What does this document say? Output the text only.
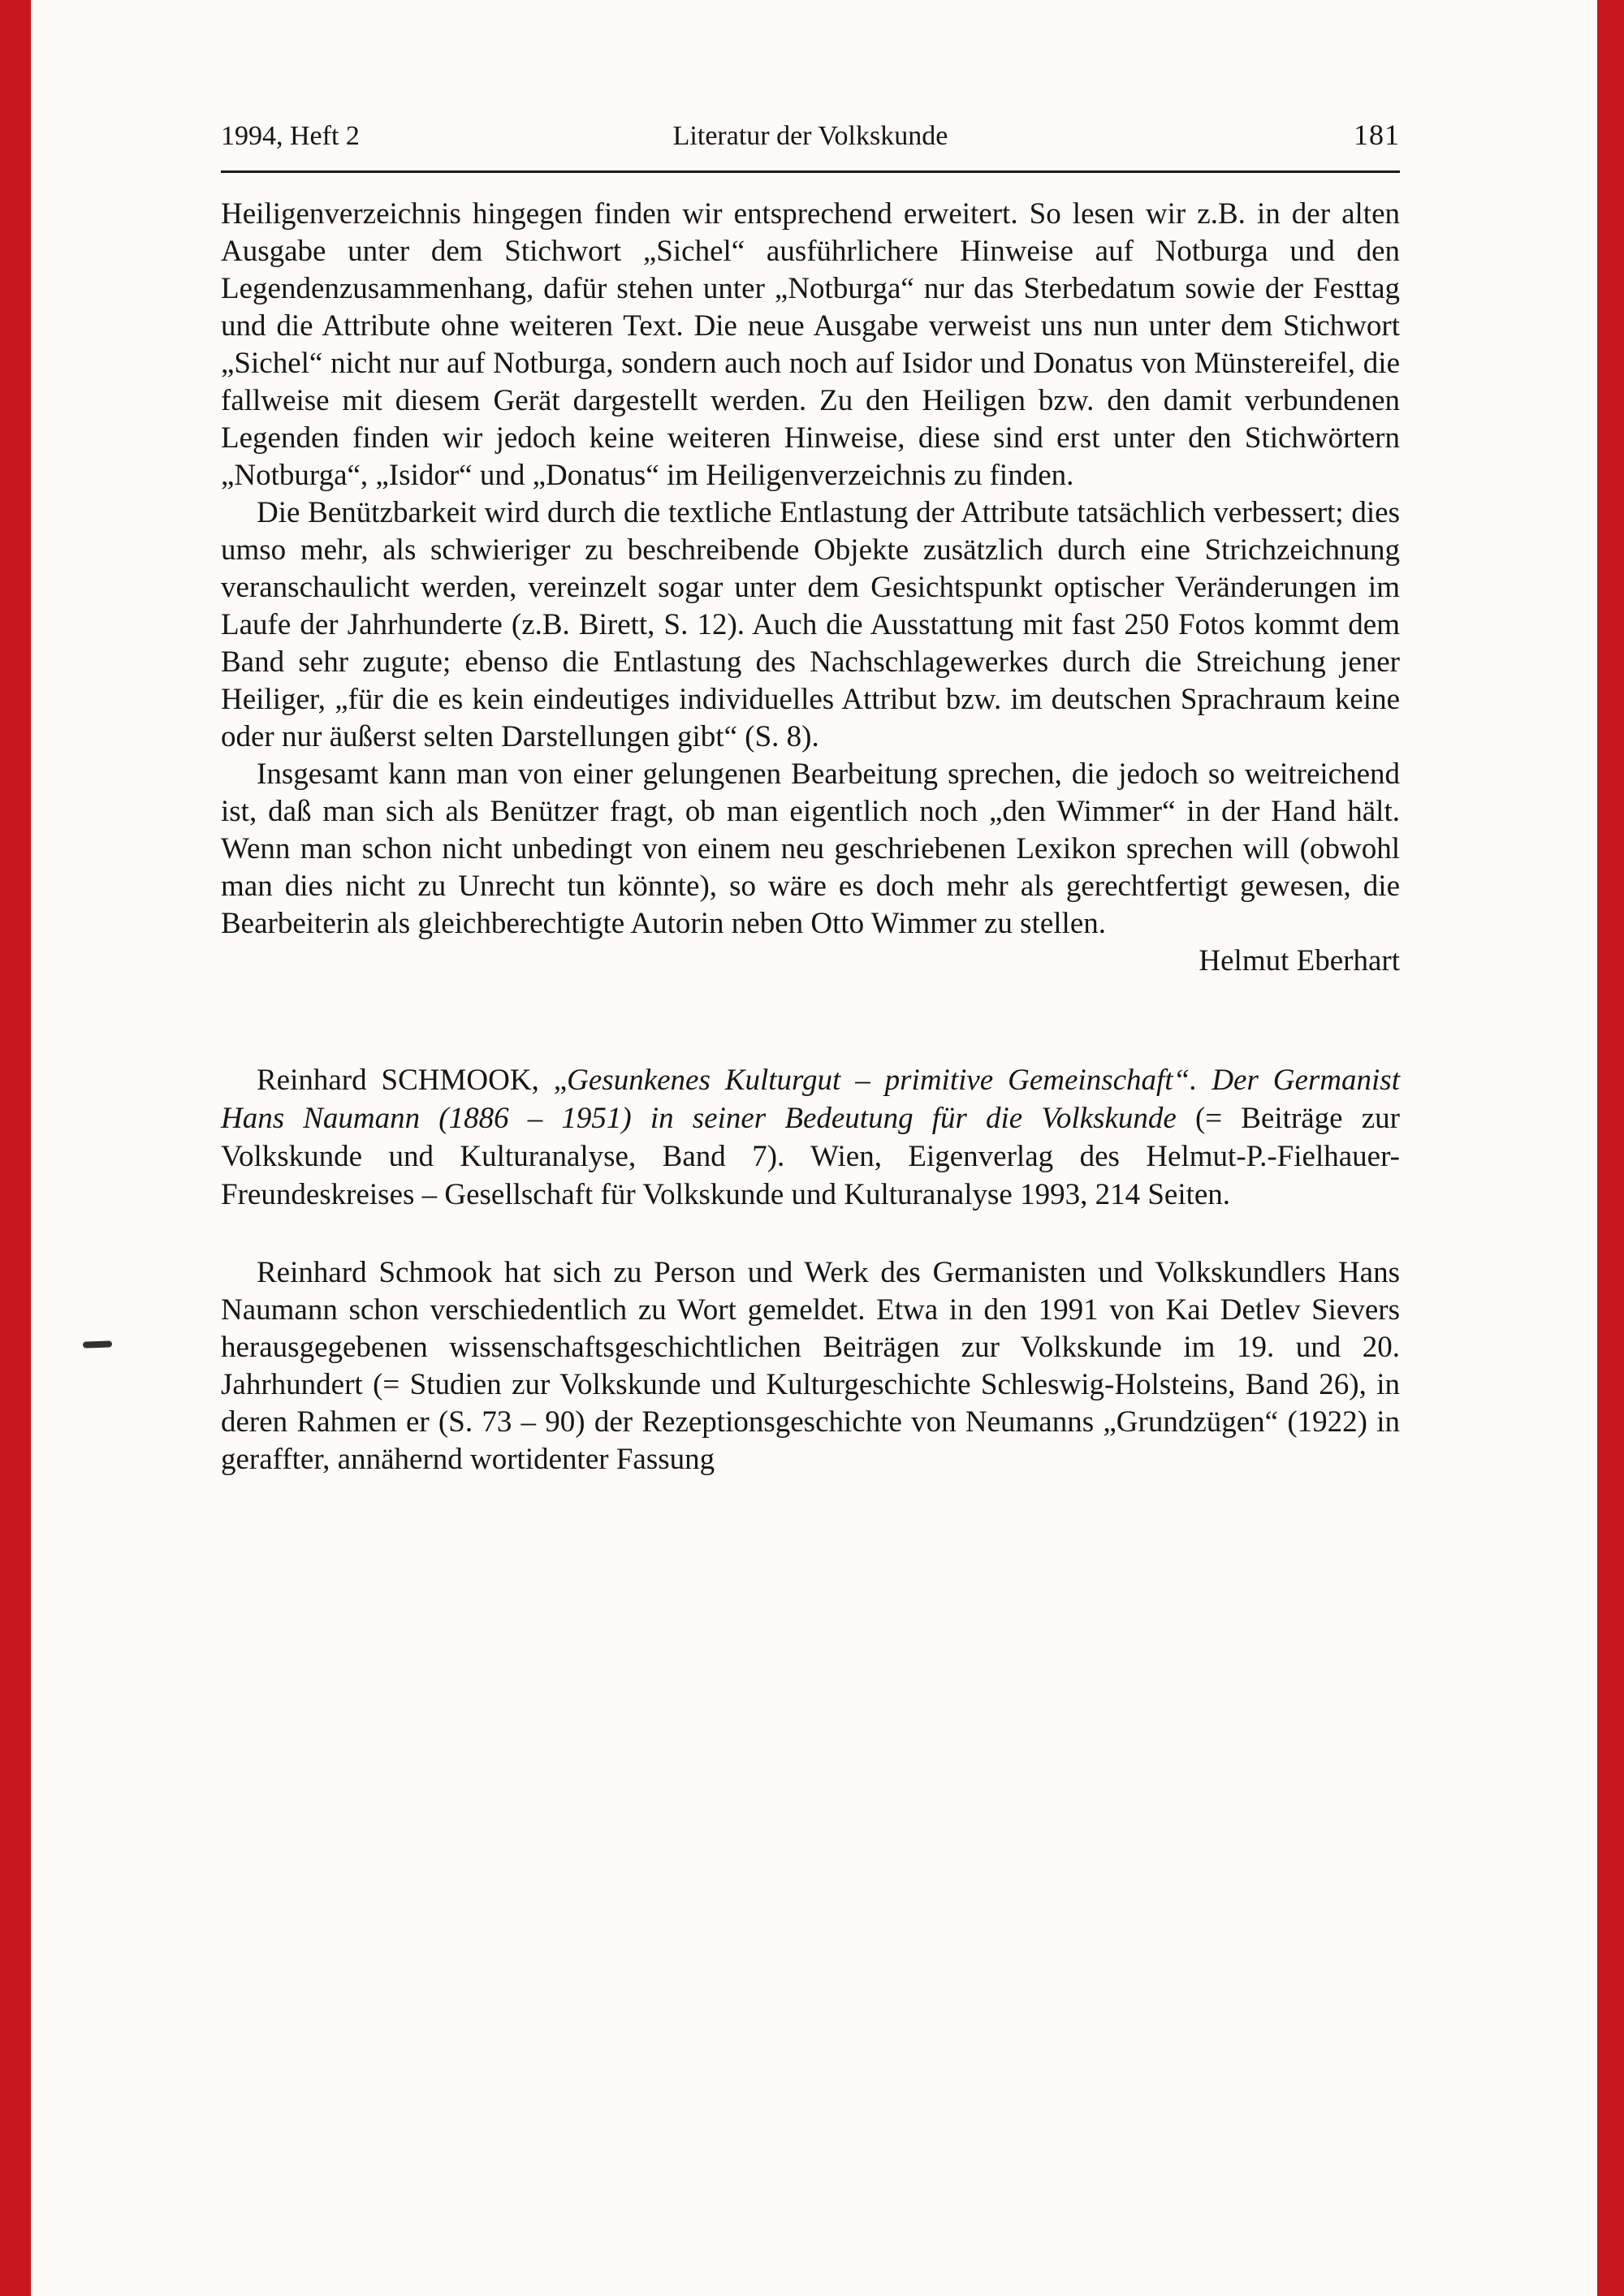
1994, Heft 2	Literatur der Volkskunde	181

Heiligenverzeichnis hingegen finden wir entsprechend erweitert. So lesen wir z.B. in der alten Ausgabe unter dem Stichwort „Sichel“ ausführlichere Hinweise auf Notburga und den Legendenzusammenhang, dafür stehen unter „Notburga“ nur das Sterbedatum sowie der Festtag und die Attribute ohne weiteren Text. Die neue Ausgabe verweist uns nun unter dem Stichwort „Sichel“ nicht nur auf Notburga, sondern auch noch auf Isidor und Donatus von Münstereifel, die fallweise mit diesem Gerät dargestellt werden. Zu den Heiligen bzw. den damit verbundenen Legenden finden wir jedoch keine weiteren Hinweise, diese sind erst unter den Stichwörtern „Notburga“, „Isidor“ und „Donatus“ im Heiligenverzeichnis zu finden.

Die Benützbarkeit wird durch die textliche Entlastung der Attribute tatsächlich verbessert; dies umso mehr, als schwieriger zu beschreibende Objekte zusätzlich durch eine Strichzeichnung veranschaulicht werden, vereinzelt sogar unter dem Gesichtspunkt optischer Veränderungen im Laufe der Jahrhunderte (z.B. Birett, S. 12). Auch die Ausstattung mit fast 250 Fotos kommt dem Band sehr zugute; ebenso die Entlastung des Nachschlagewerkes durch die Streichung jener Heiliger, „für die es kein eindeutiges individuelles Attribut bzw. im deutschen Sprachraum keine oder nur äußerst selten Darstellungen gibt“ (S. 8).

Insgesamt kann man von einer gelungenen Bearbeitung sprechen, die jedoch so weitreichend ist, daß man sich als Benützer fragt, ob man eigentlich noch „den Wimmer“ in der Hand hält. Wenn man schon nicht unbedingt von einem neu geschriebenen Lexikon sprechen will (obwohl man dies nicht zu Unrecht tun könnte), so wäre es doch mehr als gerechtfertigt gewesen, die Bearbeiterin als gleichberechtigte Autorin neben Otto Wimmer zu stellen.

Helmut Eberhart

Reinhard SCHMOOK, „Gesunkenes Kulturgut – primitive Gemeinschaft“. Der Germanist Hans Naumann (1886 – 1951) in seiner Bedeutung für die Volkskunde (= Beiträge zur Volkskunde und Kulturanalyse, Band 7). Wien, Eigenverlag des Helmut-P.-Fielhauer-Freundeskreises – Gesellschaft für Volkskunde und Kulturanalyse 1993, 214 Seiten.

Reinhard Schmook hat sich zu Person und Werk des Germanisten und Volkskundlers Hans Naumann schon verschiedentlich zu Wort gemeldet. Etwa in den 1991 von Kai Detlev Sievers herausgegebenen wissenschaftsgeschichtlichen Beiträgen zur Volkskunde im 19. und 20. Jahrhundert (= Studien zur Volkskunde und Kulturgeschichte Schleswig-Holsteins, Band 26), in deren Rahmen er (S. 73 – 90) der Rezeptionsgeschichte von Neumanns „Grundzügen“ (1922) in geraffter, annähernd wortidenter Fassung
